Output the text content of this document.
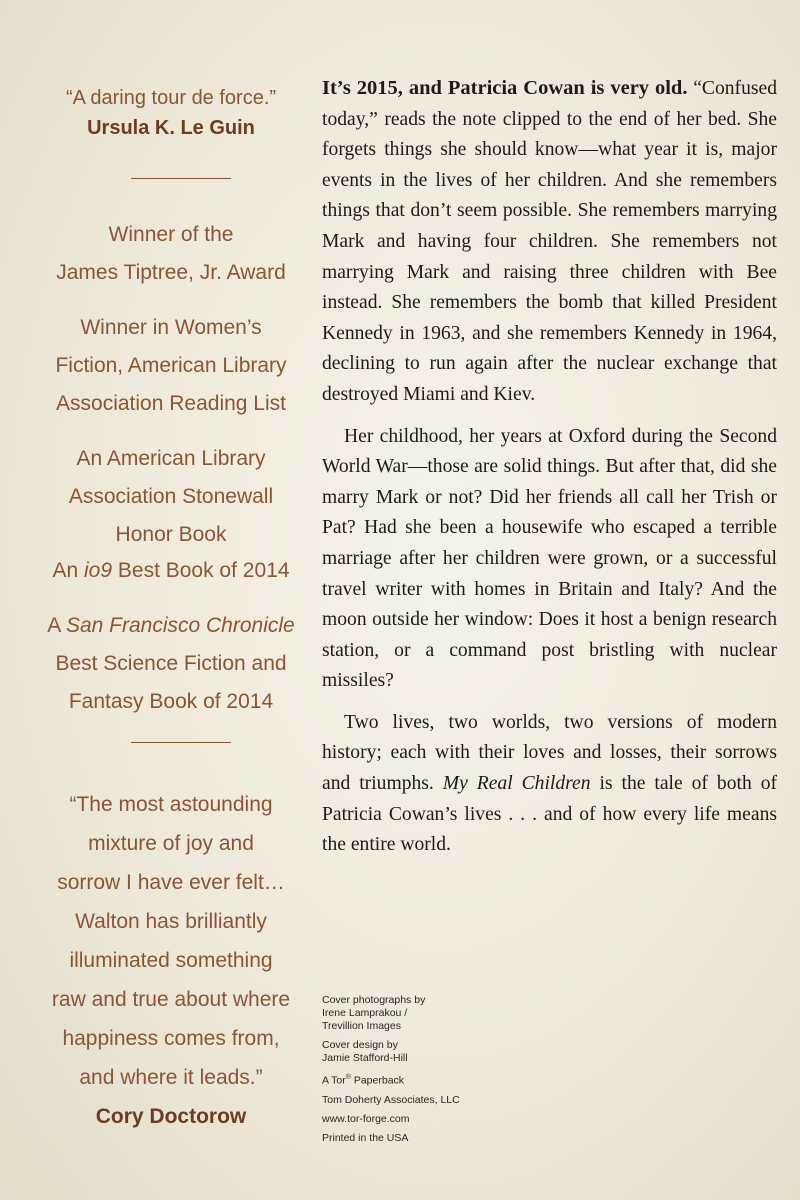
“A daring tour de force.”
Ursula K. Le Guin
Winner of the
James Tiptree, Jr. Award
Winner in Women’s
Fiction, American Library
Association Reading List
An American Library
Association Stonewall
Honor Book
An io9 Best Book of 2014
A San Francisco Chronicle
Best Science Fiction and
Fantasy Book of 2014
“The most astounding
mixture of joy and
sorrow I have ever felt…
Walton has brilliantly
illuminated something
raw and true about where
happiness comes from,
and where it leads.”
Cory Doctorow

It’s 2015, and Patricia Cowan is very old. “Confused today,” reads the note clipped to the end of her bed. She forgets things she should know—what year it is, major events in the lives of her children. And she remembers things that don’t seem possible. She remembers marrying Mark and having four children. She remembers not marrying Mark and raising three children with Bee instead. She remembers the bomb that killed President Kennedy in 1963, and she remembers Kennedy in 1964, declining to run again after the nuclear exchange that destroyed Miami and Kiev.

Her childhood, her years at Oxford during the Second World War—those are solid things. But after that, did she marry Mark or not? Did her friends all call her Trish or Pat? Had she been a housewife who escaped a terrible marriage after her children were grown, or a successful travel writer with homes in Britain and Italy? And the moon outside her window: Does it host a benign research station, or a command post bristling with nuclear missiles?

Two lives, two worlds, two versions of modern history; each with their loves and losses, their sorrows and triumphs. My Real Children is the tale of both of Patricia Cowan’s lives . . . and of how every life means the entire world.

Cover photographs by
Irene Lamprakou /
Trevillion Images
Cover design by
Jamie Stafford-Hill
A Tor® Paperback
Tom Doherty Associates, LLC
www.tor-forge.com
Printed in the USA
